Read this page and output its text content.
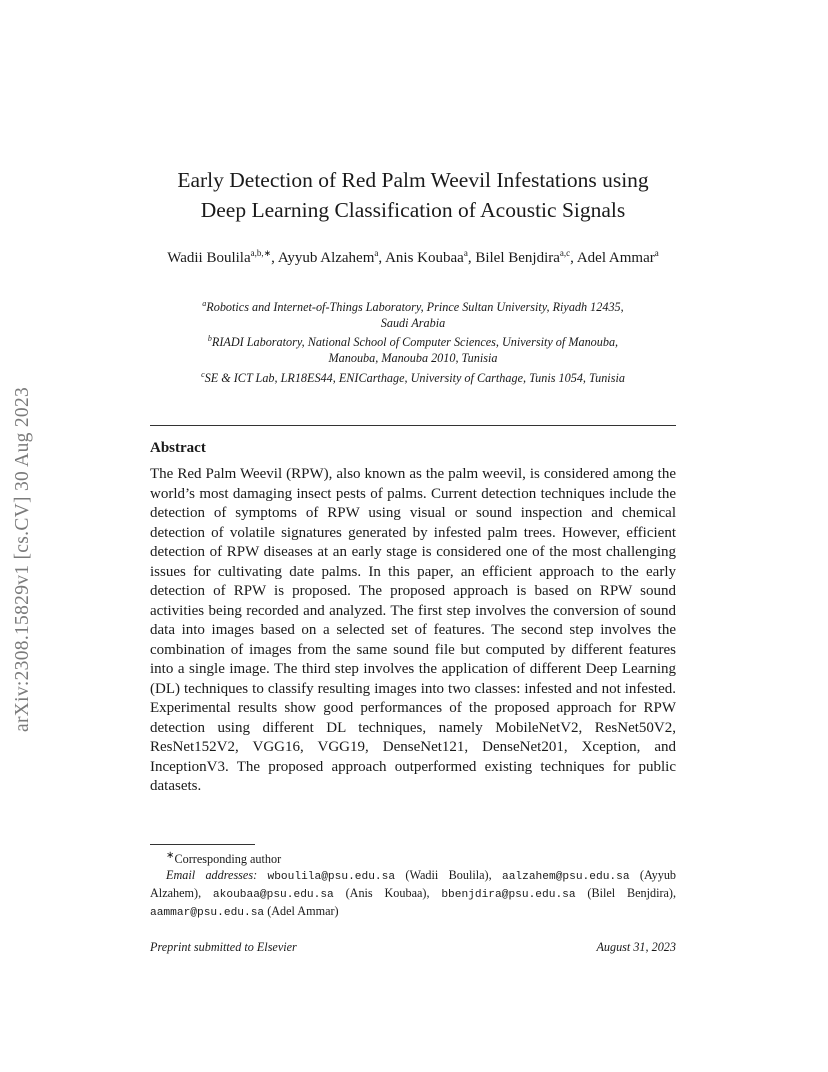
arXiv:2308.15829v1 [cs.CV] 30 Aug 2023
Early Detection of Red Palm Weevil Infestations using
Deep Learning Classification of Acoustic Signals
Wadii Boulila$^{a,b,∗}$, Ayyub Alzahem$^a$, Anis Koubaa$^a$, Bilel Benjdira$^{a,c}$, Adel Ammar$^a$
$^a$Robotics and Internet-of-Things Laboratory, Prince Sultan University, Riyadh 12435,
Saudi Arabia
$^b$RIADI Laboratory, National School of Computer Sciences, University of Manouba,
Manouba, Manouba 2010, Tunisia
$^c$SE & ICT Lab, LR18ES44, ENICarthage, University of Carthage, Tunis 1054, Tunisia
Abstract
The Red Palm Weevil (RPW), also known as the palm weevil, is considered among the world’s most damaging insect pests of palms. Current detection techniques include the detection of symptoms of RPW using visual or sound inspection and chemical detection of volatile signatures generated by infested palm trees. However, efficient detection of RPW diseases at an early stage is considered one of the most challenging issues for cultivating date palms. In this paper, an efficient approach to the early detection of RPW is proposed. The proposed approach is based on RPW sound activities being recorded and analyzed. The first step involves the conversion of sound data into images based on a selected set of features. The second step involves the combination of images from the same sound file but computed by different features into a single image. The third step involves the application of different Deep Learning (DL) techniques to classify resulting images into two classes: infested and not infested. Experimental results show good performances of the proposed approach for RPW detection using different DL techniques, namely MobileNetV2, ResNet50V2, ResNet152V2, VGG16, VGG19, DenseNet121, DenseNet201, Xception, and InceptionV3. The proposed approach outperformed existing techniques for public datasets.
∗Corresponding author
Email addresses: wboulila@psu.edu.sa (Wadii Boulila), aalzahem@psu.edu.sa (Ayyub Alzahem), akoubaa@psu.edu.sa (Anis Koubaa), bbenjdira@psu.edu.sa (Bilel Benjdira), aammar@psu.edu.sa (Adel Ammar)
Preprint submitted to Elsevier	August 31, 2023
